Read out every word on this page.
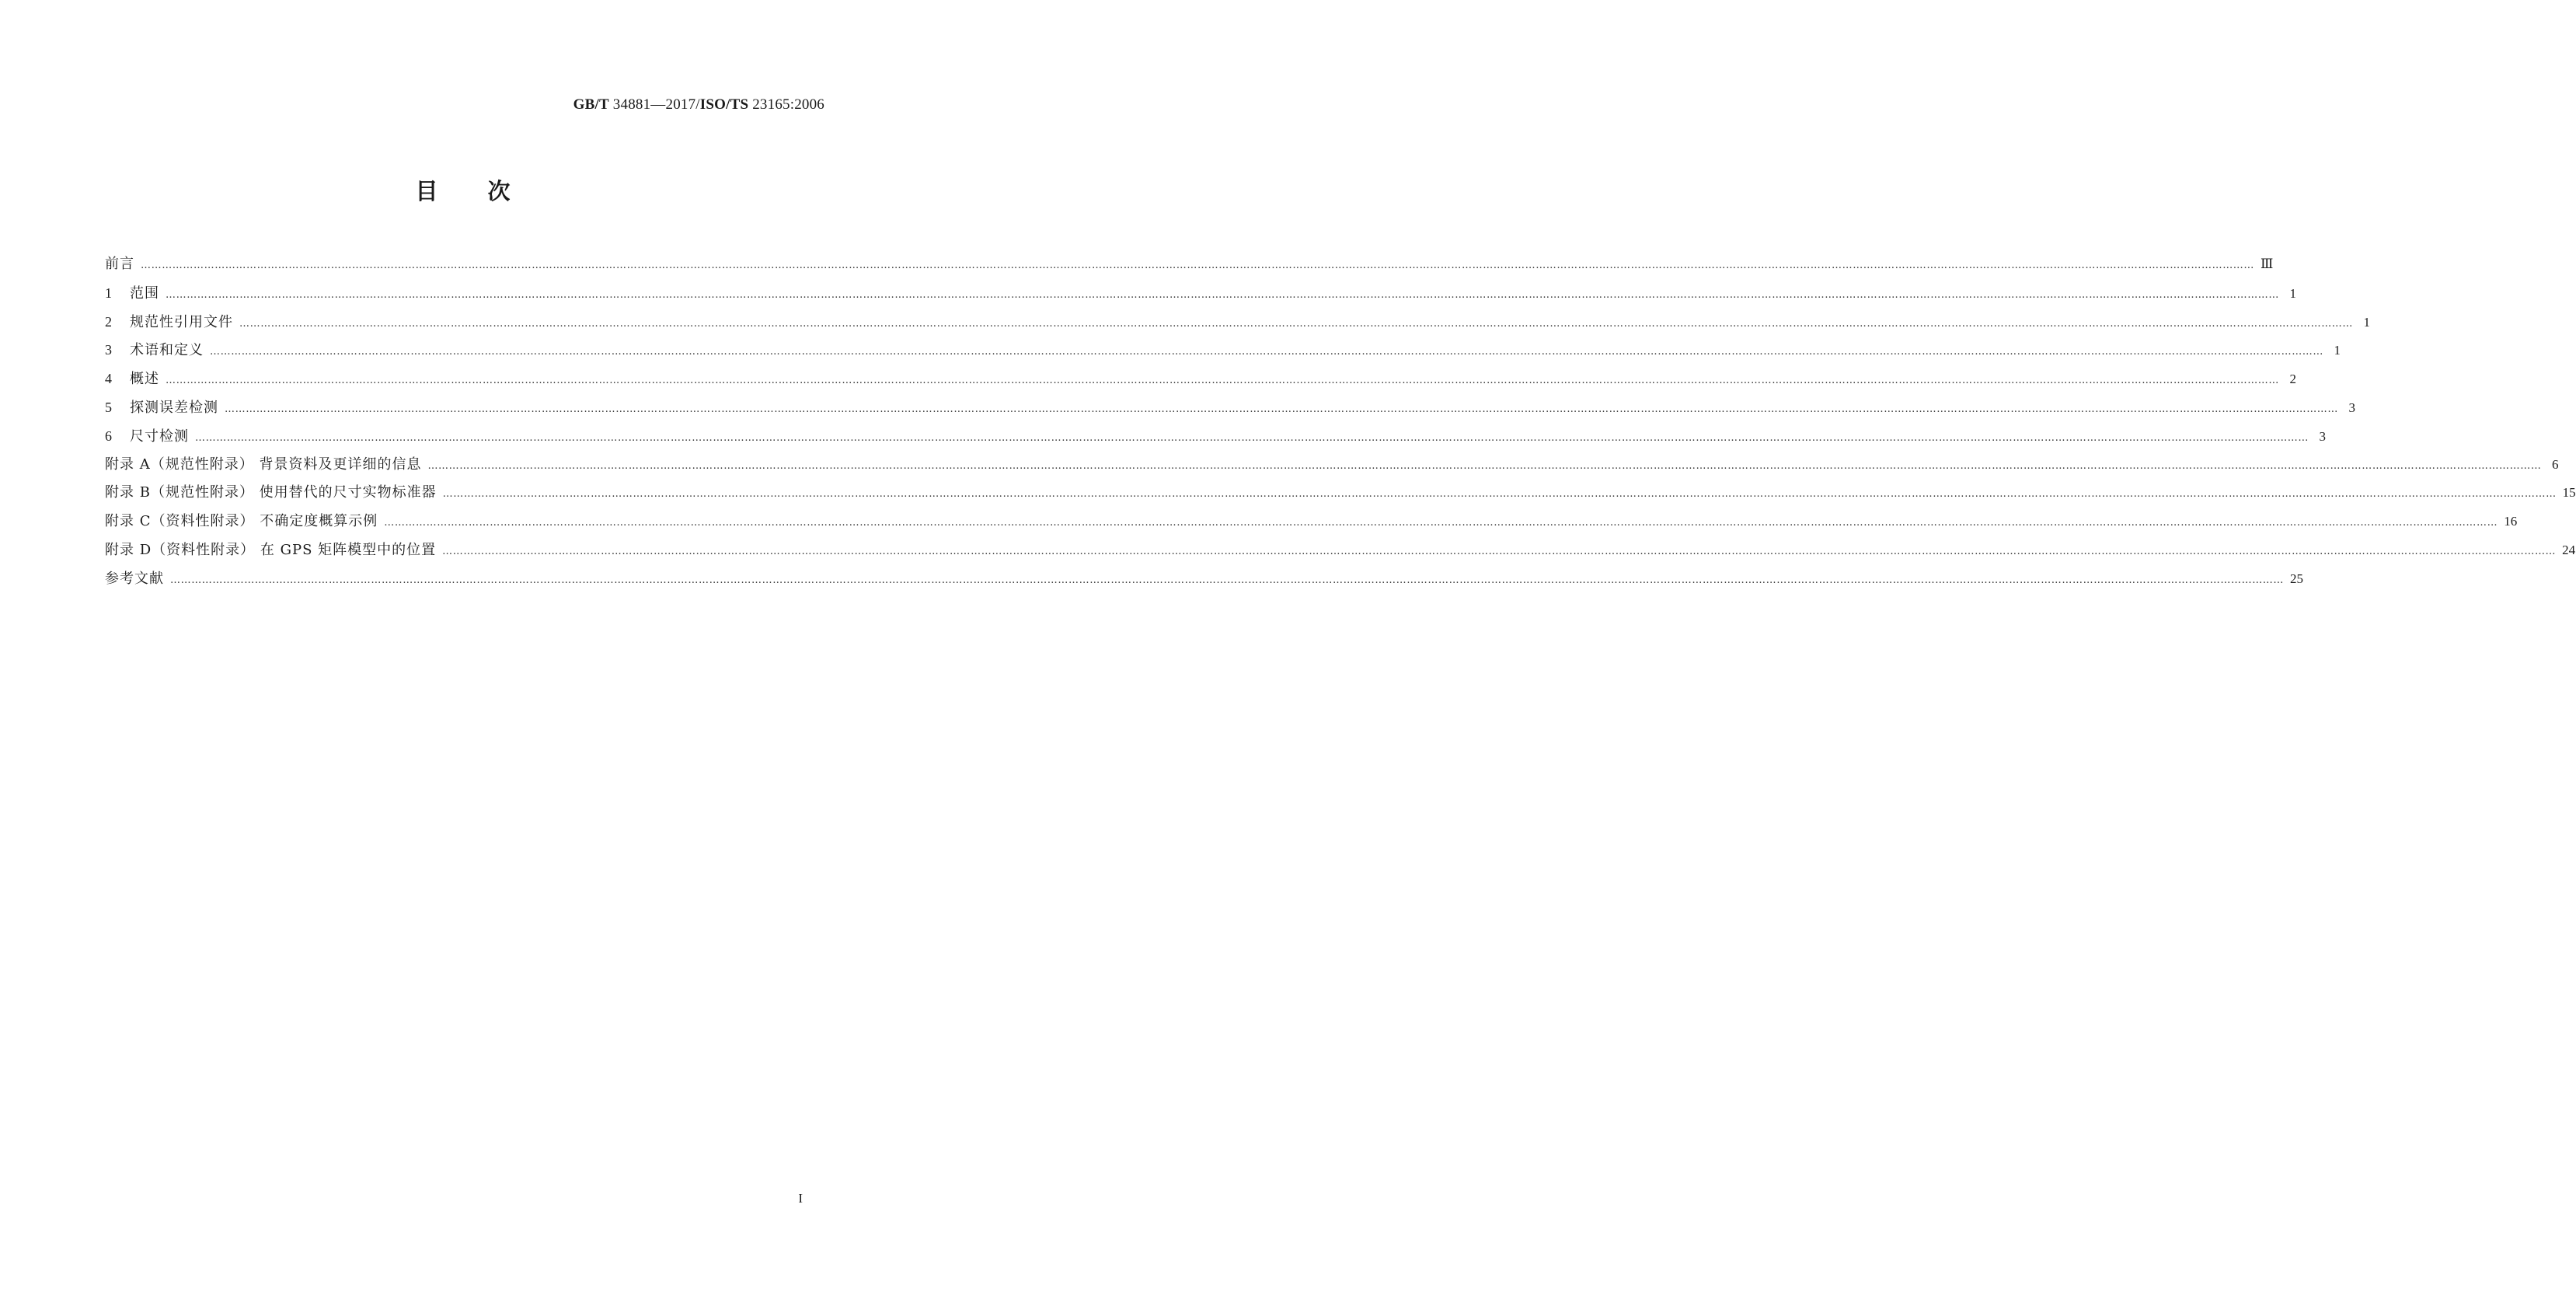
GB/T 34881—2017/ISO/TS 23165:2006
目 次
前言 …………………………………………………………………………………………………………………………………………………………………………………………………………………………………………………………………………………………………………………………………………………………………………………………………………………………………………………………………………………………………………………………………………………… Ⅲ
1 范围 …………………………………………………………………………………………………………………………………………………………………………………………………………………………………………………………………………………………………………………………………………………………………………………………………………………………………………………………………………………………………………………………………………………… 1
2 规范性引用文件 …………………………………………………………………………………………………………………………………………………………………………………………………………………………………………………………………………………………………………………………………………………………………………………………………………………………………………………………………………………………………………………………………………………… 1
3 术语和定义 …………………………………………………………………………………………………………………………………………………………………………………………………………………………………………………………………………………………………………………………………………………………………………………………………………………………………………………………………………………………………………………………………………………… 1
4 概述 …………………………………………………………………………………………………………………………………………………………………………………………………………………………………………………………………………………………………………………………………………………………………………………………………………………………………………………………………………………………………………………………………………………… 2
5 探测误差检测 …………………………………………………………………………………………………………………………………………………………………………………………………………………………………………………………………………………………………………………………………………………………………………………………………………………………………………………………………………………………………………………………………………………… 3
6 尺寸检测 …………………………………………………………………………………………………………………………………………………………………………………………………………………………………………………………………………………………………………………………………………………………………………………………………………………………………………………………………………………………………………………………………………………… 3
附录 A（规范性附录） 背景资料及更详细的信息 …………………………………………………………………………………………………………………………………………………………………………………………………………………………………………………………………………………………………………………………………………………………………………………………………………………………………………………………………………………………………………………………………………………… 6
附录 B（规范性附录） 使用替代的尺寸实物标准器 …………………………………………………………………………………………………………………………………………………………………………………………………………………………………………………………………………………………………………………………………………………………………………………………………………………………………………………………………………………………………………………………………………………… 15
附录 C（资料性附录） 不确定度概算示例 …………………………………………………………………………………………………………………………………………………………………………………………………………………………………………………………………………………………………………………………………………………………………………………………………………………………………………………………………………………………………………………………………………………… 16
附录 D（资料性附录） 在 GPS 矩阵模型中的位置 …………………………………………………………………………………………………………………………………………………………………………………………………………………………………………………………………………………………………………………………………………………………………………………………………………………………………………………………………………………………………………………………………………………… 24
参考文献 …………………………………………………………………………………………………………………………………………………………………………………………………………………………………………………………………………………………………………………………………………………………………………………………………………………………………………………………………………………………………………………………………………………… 25
I
